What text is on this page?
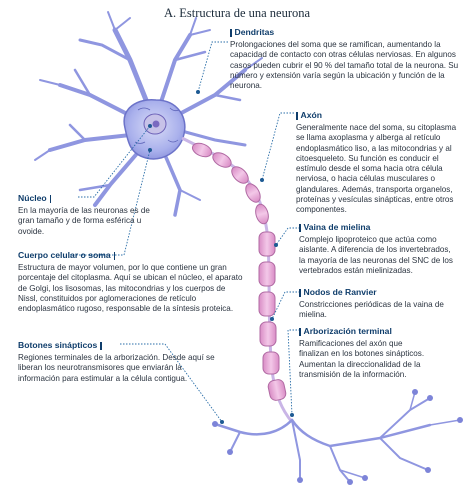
A. Estructura de una neurona
Dendritas
Prolongaciones del soma que se ramifican, aumentando la capacidad de contacto con otras células nerviosas. En algunos casos pueden cubrir el 90 % del tamaño total de la neurona. Su número y extensión varía según la ubicación y función de la neurona.
Axón
Generalmente nace del soma, su citoplasma se llama axoplasma y alberga al retículo endoplasmático liso, a las mitocondrias y al citoesqueleto. Su función es conducir el estímulo desde el soma hacia otra célula nerviosa, o hacia células musculares o glandulares. Además, transporta organelos, proteínas y vesículas sinápticas, entre otros componentes.
Núcleo
En la mayoría de las neuronas es de gran tamaño y de forma esférica u ovoide.	Vaina de mielina
Complejo lipoproteico que actúa como aislante. A diferencia de los invertebrados, la mayoría de las neuronas del SNC de los vertebrados están mielinizadas.
Cuerpo celular o soma
Estructura de mayor volumen, por lo que contiene un gran porcentaje del citoplasma. Aquí se ubican el núcleo, el aparato de Golgi, los lisosomas, las mitocondrias y los cuerpos de Nissl, constituidos por aglomeraciones de retículo endoplasmático rugoso, responsable de la síntesis proteica.
Nodos de Ranvier
Constricciones periódicas de la vaina de mielina.
Arborización terminal
Ramificaciones del axón que finalizan en los botones sinápticos. Aumentan la direccionalidad de la transmisión de la información.
Botones sinápticos
Regiones terminales de la arborización. Desde aquí se liberan los neurotransmisores que enviarán la información para estimular a la célula contigua.
